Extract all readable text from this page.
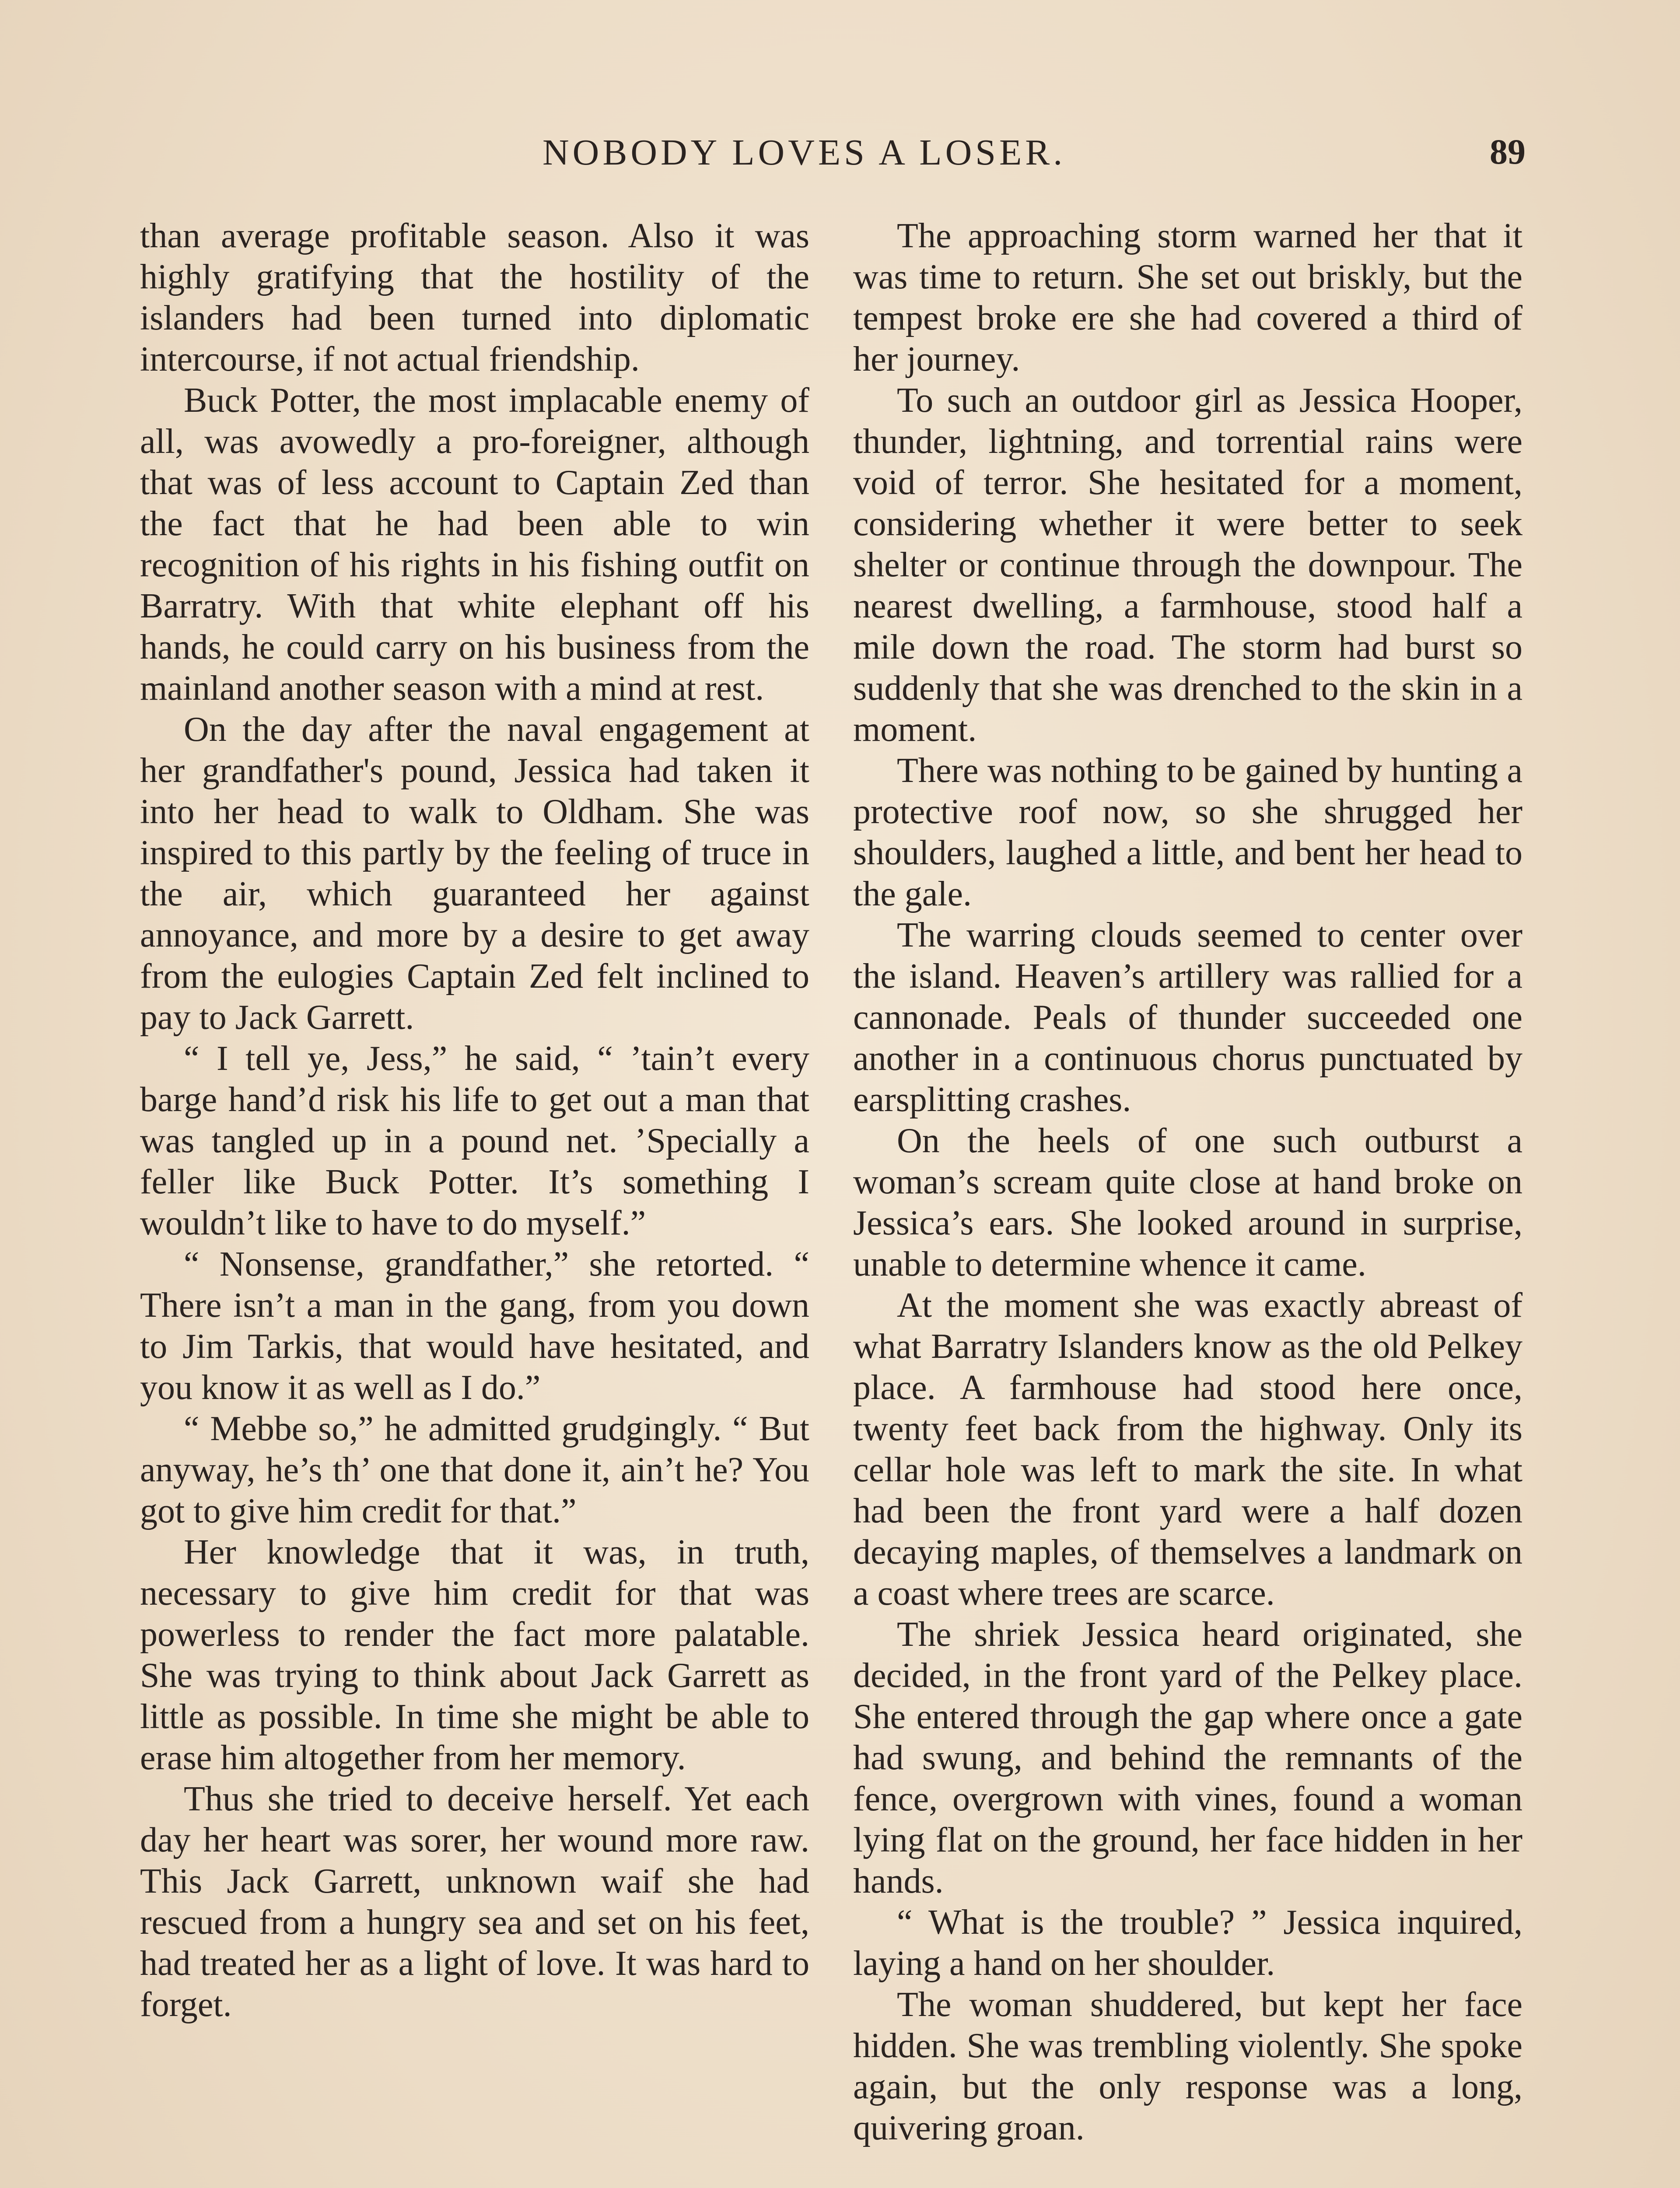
NOBODY LOVES A LOSER.	89

than average profitable season. Also it was highly gratifying that the hostility of the islanders had been turned into diplomatic intercourse, if not actual friendship.

Buck Potter, the most implacable enemy of all, was avowedly a pro-foreigner, although that was of less account to Captain Zed than the fact that he had been able to win recognition of his rights in his fishing outfit on Barratry. With that white elephant off his hands, he could carry on his business from the mainland another season with a mind at rest.

On the day after the naval engagement at her grandfather's pound, Jessica had taken it into her head to walk to Oldham. She was inspired to this partly by the feeling of truce in the air, which guaranteed her against annoyance, and more by a desire to get away from the eulogies Captain Zed felt inclined to pay to Jack Garrett.

“ I tell ye, Jess,” he said, “ ’tain’t every barge hand’d risk his life to get out a man that was tangled up in a pound net. ’Specially a feller like Buck Potter. It’s something I wouldn’t like to have to do myself.”

“ Nonsense, grandfather,” she retorted. “ There isn’t a man in the gang, from you down to Jim Tarkis, that would have hesitated, and you know it as well as I do.”

“ Mebbe so,” he admitted grudgingly. “ But anyway, he’s th’ one that done it, ain’t he? You got to give him credit for that.”

Her knowledge that it was, in truth, necessary to give him credit for that was powerless to render the fact more palatable. She was trying to think about Jack Garrett as little as possible. In time she might be able to erase him altogether from her memory.

Thus she tried to deceive herself. Yet each day her heart was sorer, her wound more raw. This Jack Garrett, unknown waif she had rescued from a hungry sea and set on his feet, had treated her as a light of love. It was hard to forget.

The approaching storm warned her that it was time to return. She set out briskly, but the tempest broke ere she had covered a third of her journey.

To such an outdoor girl as Jessica Hooper, thunder, lightning, and torrential rains were void of terror. She hesitated for a moment, considering whether it were better to seek shelter or continue through the downpour. The nearest dwelling, a farmhouse, stood half a mile down the road. The storm had burst so suddenly that she was drenched to the skin in a moment.

There was nothing to be gained by hunting a protective roof now, so she shrugged her shoulders, laughed a little, and bent her head to the gale.

The warring clouds seemed to center over the island. Heaven’s artillery was rallied for a cannonade. Peals of thunder succeeded one another in a continuous chorus punctuated by earsplitting crashes.

On the heels of one such outburst a woman’s scream quite close at hand broke on Jessica’s ears. She looked around in surprise, unable to determine whence it came.

At the moment she was exactly abreast of what Barratry Islanders know as the old Pelkey place. A farmhouse had stood here once, twenty feet back from the highway. Only its cellar hole was left to mark the site. In what had been the front yard were a half dozen decaying maples, of themselves a landmark on a coast where trees are scarce.

The shriek Jessica heard originated, she decided, in the front yard of the Pelkey place. She entered through the gap where once a gate had swung, and behind the remnants of the fence, overgrown with vines, found a woman lying flat on the ground, her face hidden in her hands.

“ What is the trouble? ” Jessica inquired, laying a hand on her shoulder.

The woman shuddered, but kept her face hidden. She was trembling violently. She spoke again, but the only response was a long, quivering groan.
